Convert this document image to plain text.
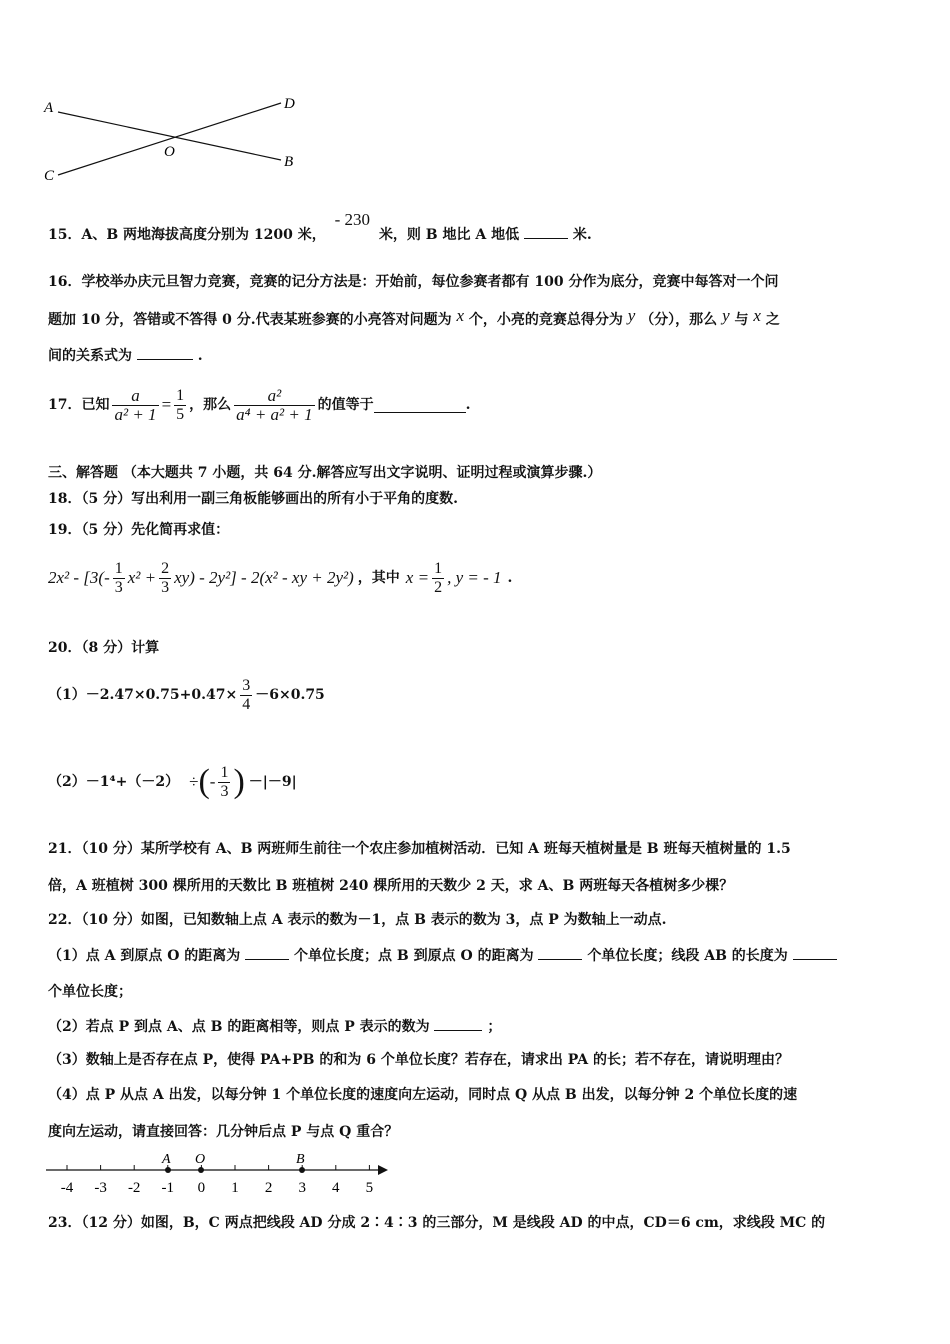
A	D
O
B
C
15．A、B 两地海拔高度分别为 1200 米， - 230 米，则 B 地比 A 地低	米.
16．学校举办庆元旦智力竞赛，竞赛的记分方法是：开始前，每位参赛者都有 100 分作为底分，竞赛中每答对一个问
题加 10 分，答错或不答得 0 分.代表某班参赛的小亮答对问题为 x 个，小亮的竞赛总得分为 y （分），那么 y 与 x 之
间的关系式为	.
17．已知 $\frac{a}{\text{a² + 1}} = \frac{1}{5}$ ，那么 $\frac{\text{a²}}{\text{a⁴ + a² + 1}}$ 的值等于	.
三、解答题 （本大题共 7 小题，共 64 分.解答应写出文字说明、证明过程或演算步骤.）
18．（5 分）写出利用一副三角板能够画出的所有小于平角的度数.
19．（5 分）先化简再求值：
$2x^2 - [3(- \frac{1}{3} x^2 + \frac{2}{3} xy) - 2y^2] - 2(x^2$ - xy + 2y²) ，其中 $x = \frac{1}{2}$ , y = - 1 .
20．（8 分）计算
$(1)-2.47\times 0.75+0.47\times \frac{3}{4} -6\times 0.75$
（2）－1⁴+（－2） ÷ ( - $\frac{1}{3}$ ) －|－9|
21．（10 分）某所学校有 A、B 两班师生前往一个农庄参加植树活动．已知 A 班每天植树量是 B 班每天植树量的 1.5
倍，A 班植树 300 棵所用的天数比 B 班植树 240 棵所用的天数少 2 天，求 A、B 两班每天各植树多少棵？
22．（10 分）如图，已知数轴上点 A 表示的数为－1，点 B 表示的数为 3，点 P 为数轴上一动点.
（1）点 A 到原点 O 的距离为	个单位长度；点 B 到原点 O 的距离为	个单位长度；线段 AB 的长度为
个单位长度；
（2）若点 P 到点 A、点 B 的距离相等，则点 P 表示的数为	；
（3）数轴上是否存在点 P，使得 PA+PB 的和为 6 个单位长度？若存在，请求出 PA 的长；若不存在，请说明理由？
（4）点 P 从点 A 出发，以每分钟 1 个单位长度的速度向左运动，同时点 Q 从点 B 出发，以每分钟 2 个单位长度的速
度向左运动，请直接回答：几分钟后点 P 与点 Q 重合？
-4 -3 -2 -1 0 1 2 3 4 5
A O	B
23．（12 分）如图，B，C 两点把线段 AD 分成 2∶4∶3 的三部分，M 是线段 AD 的中点，CD＝6 cm，求线段 MC 的
